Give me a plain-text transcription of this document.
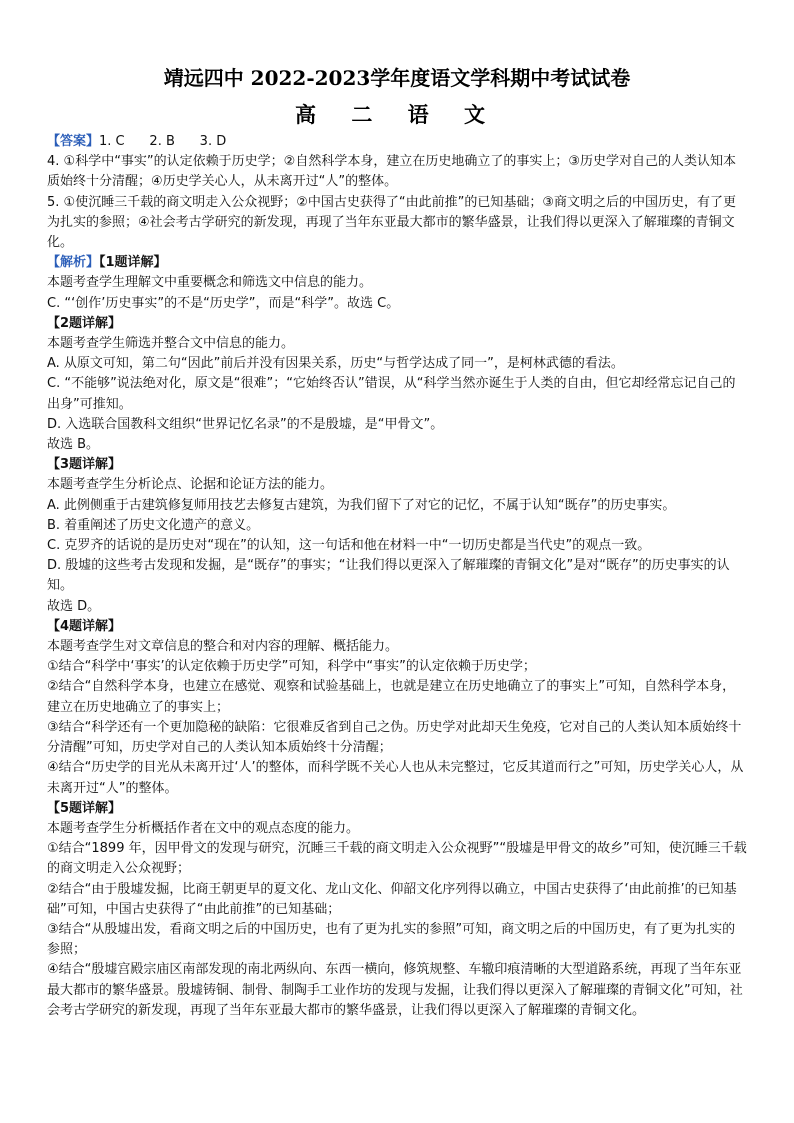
靖远四中 2022-2023学年度语文学科期中考试试卷
高 二 语 文

【答案】1. C      2. B      3. D

4. ①科学中“事实”的认定依赖于历史学；②自然科学本身，建立在历史地确立了的事实上；③历史学对自己的人类认知本质始终十分清醒；④历史学关心人，从未离开过“人”的整体。

5. ①使沉睡三千载的商文明走入公众视野；②中国古史获得了“由此前推”的已知基础；③商文明之后的中国历史，有了更为扎实的参照；④社会考古学研究的新发现，再现了当年东亚最大都市的繁华盛景，让我们得以更深入了解璀璨的青铜文化。

【解析】【1题详解】

本题考查学生理解文中重要概念和筛选文中信息的能力。

C. “‘创作’历史事实”的不是“历史学”，而是“科学”。故选 C。

【2题详解】

本题考查学生筛选并整合文中信息的能力。

A. 从原文可知，第二句“因此”前后并没有因果关系，历史“与哲学达成了同一”，是柯林武德的看法。

C. “不能够”说法绝对化，原文是“很难”；“它始终否认”错误，从“科学当然亦诞生于人类的自由，但它却经常忘记自己的出身”可推知。

D. 入选联合国教科文组织“世界记忆名录”的不是殷墟，是“甲骨文”。

故选 B。

【3题详解】

本题考查学生分析论点、论据和论证方法的能力。

A. 此例侧重于古建筑修复师用技艺去修复古建筑，为我们留下了对它的记忆，不属于认知“既存”的历史事实。

B. 着重阐述了历史文化遗产的意义。

C. 克罗齐的话说的是历史对“现在”的认知，这一句话和他在材料一中“一切历史都是当代史”的观点一致。

D. 殷墟的这些考古发现和发掘，是“既存”的事实；“让我们得以更深入了解璀璨的青铜文化”是对“既存”的历史事实的认知。

故选 D。

【4题详解】

本题考查学生对文章信息的整合和对内容的理解、概括能力。

①结合“科学中‘事实’的认定依赖于历史学”可知，科学中“事实”的认定依赖于历史学；

②结合“自然科学本身，也建立在感觉、观察和试验基础上，也就是建立在历史地确立了的事实上”可知，自然科学本身，建立在历史地确立了的事实上；

③结合“科学还有一个更加隐秘的缺陷：它很难反省到自己之伪。历史学对此却天生免疫，它对自己的人类认知本质始终十分清醒”可知，历史学对自己的人类认知本质始终十分清醒；

④结合“历史学的目光从未离开过‘人’的整体，而科学既不关心人也从未完整过，它反其道而行之”可知，历史学关心人，从未离开过“人”的整体。

【5题详解】

本题考查学生分析概括作者在文中的观点态度的能力。

①结合“1899 年，因甲骨文的发现与研究，沉睡三千载的商文明走入公众视野”“殷墟是甲骨文的故乡”可知，使沉睡三千载的商文明走入公众视野；

②结合“由于殷墟发掘，比商王朝更早的夏文化、龙山文化、仰韶文化序列得以确立，中国古史获得了‘由此前推’的已知基础”可知，中国古史获得了“由此前推”的已知基础；

③结合“从殷墟出发，看商文明之后的中国历史，也有了更为扎实的参照”可知，商文明之后的中国历史，有了更为扎实的参照；

④结合“殷墟宫殿宗庙区南部发现的南北两纵向、东西一横向，修筑规整、车辙印痕清晰的大型道路系统，再现了当年东亚最大都市的繁华盛景。殷墟铸铜、制骨、制陶手工业作坊的发现与发掘，让我们得以更深入了解璀璨的青铜文化”可知，社会考古学研究的新发现，再现了当年东亚最大都市的繁华盛景，让我们得以更深入了解璀璨的青铜文化。
